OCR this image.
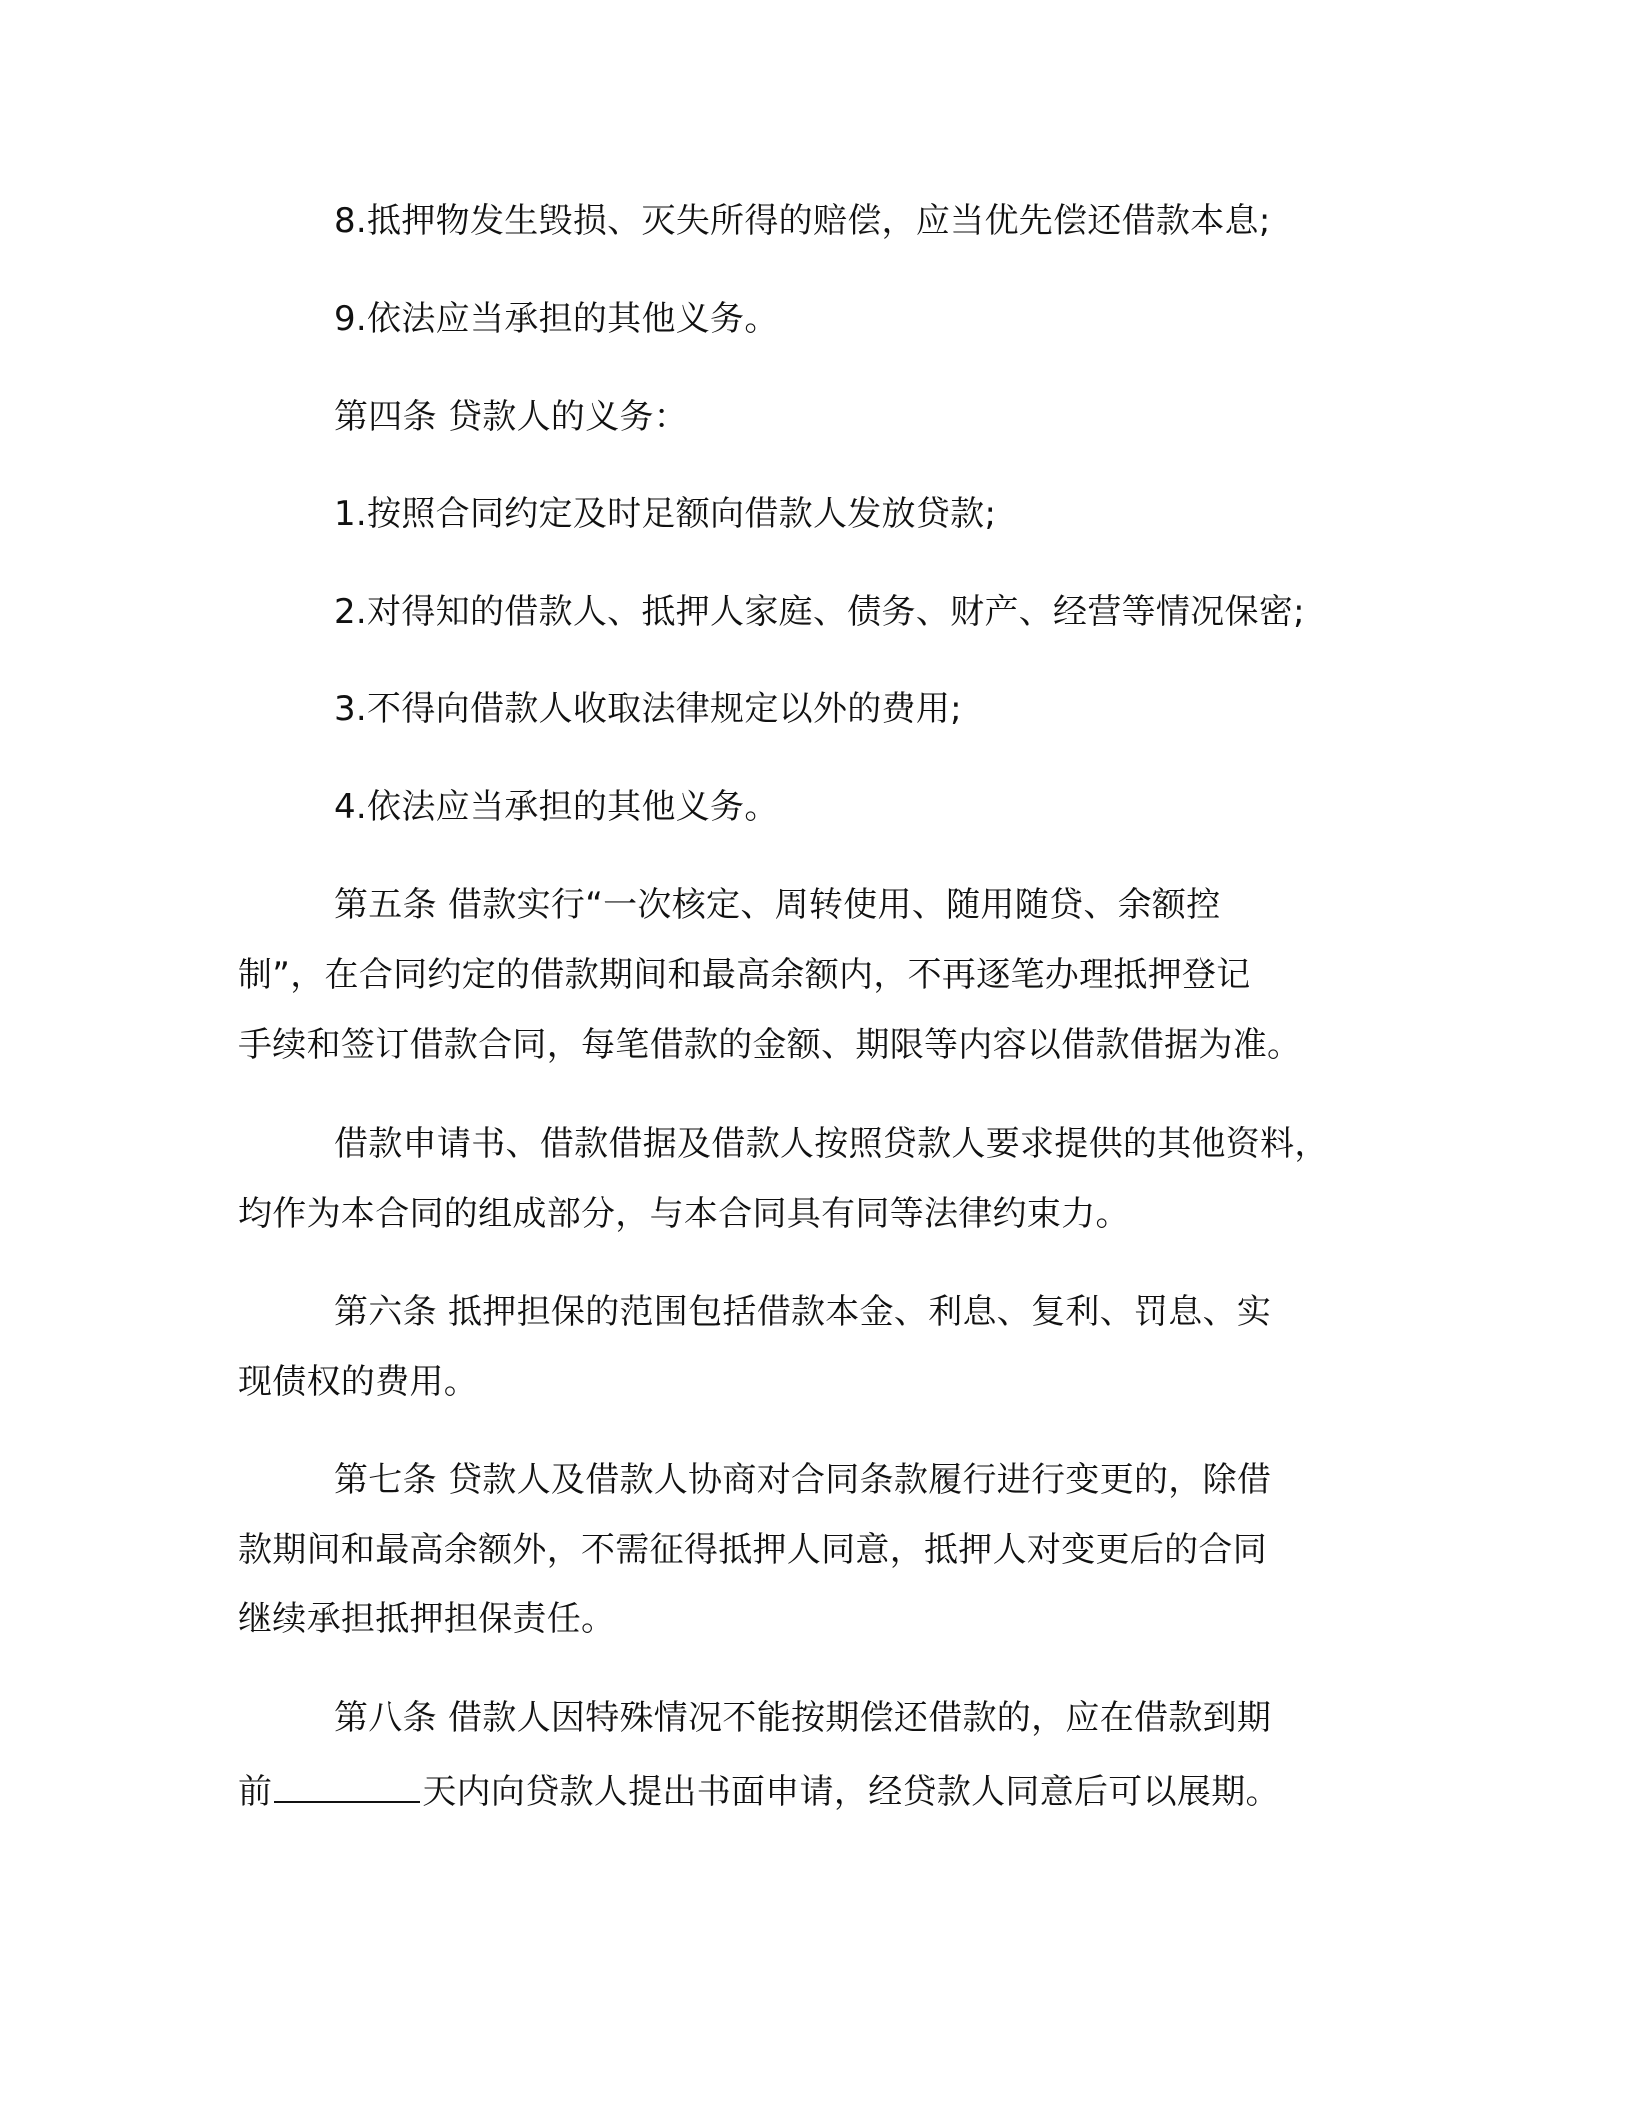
8.抵押物发生毁损、灭失所得的赔偿，应当优先偿还借款本息;
9.依法应当承担的其他义务。
第四条 贷款人的义务：
1.按照合同约定及时足额向借款人发放贷款;
2.对得知的借款人、抵押人家庭、债务、财产、经营等情况保密;
3.不得向借款人收取法律规定以外的费用;
4.依法应当承担的其他义务。
第五条 借款实行“一次核定、周转使用、随用随贷、余额控
制”，在合同约定的借款期间和最高余额内，不再逐笔办理抵押登记
手续和签订借款合同，每笔借款的金额、期限等内容以借款借据为准。
借款申请书、借款借据及借款人按照贷款人要求提供的其他资料，
均作为本合同的组成部分，与本合同具有同等法律约束力。
第六条 抵押担保的范围包括借款本金、利息、复利、罚息、实
现债权的费用。
第七条 贷款人及借款人协商对合同条款履行进行变更的，除借
款期间和最高余额外，不需征得抵押人同意，抵押人对变更后的合同
继续承担抵押担保责任。
第八条 借款人因特殊情况不能按期偿还借款的，应在借款到期
前	天内向贷款人提出书面申请，经贷款人同意后可以展期。
